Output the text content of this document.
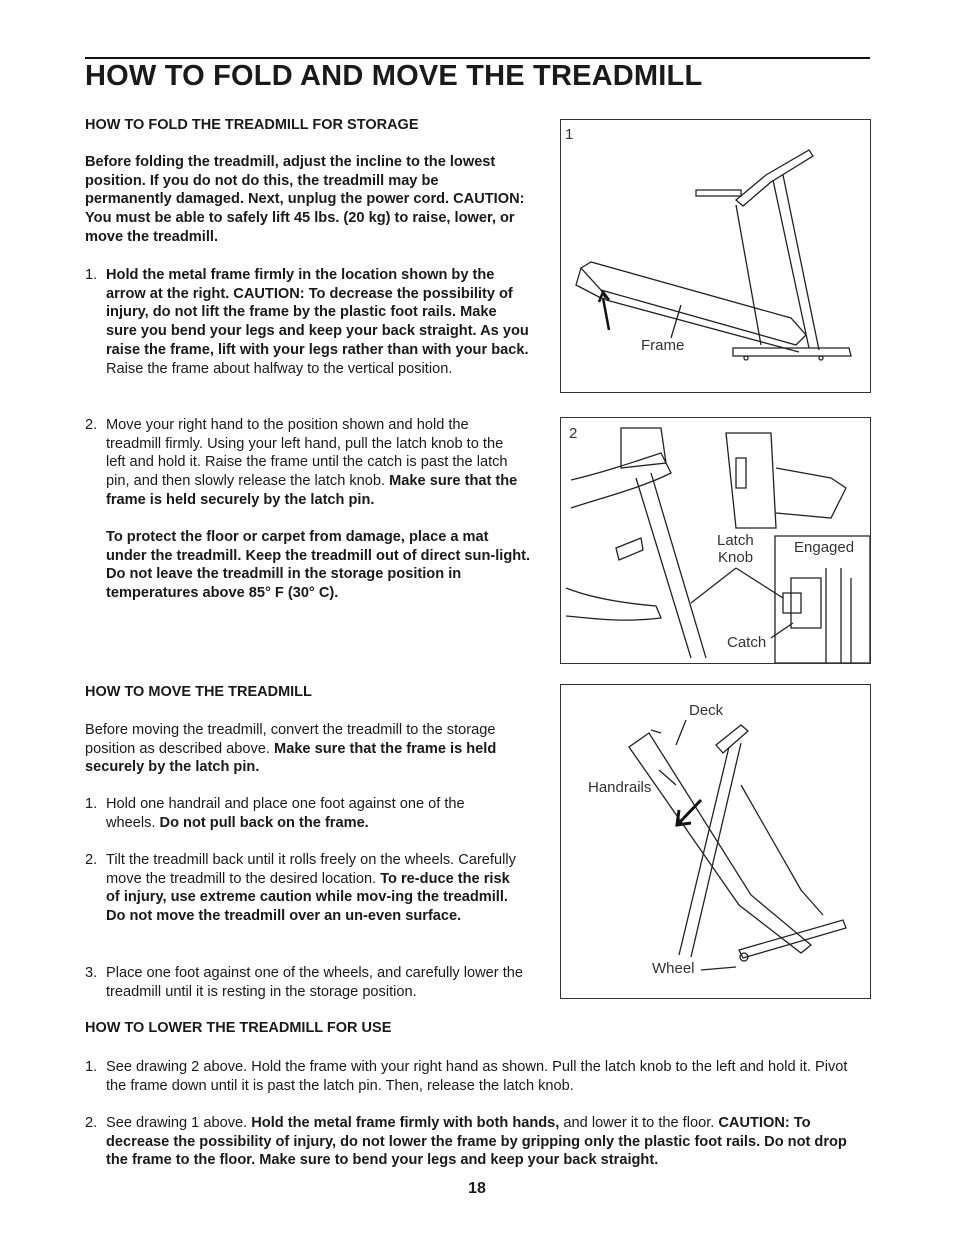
HOW TO FOLD AND MOVE THE TREADMILL
HOW TO FOLD THE TREADMILL FOR STORAGE

Before folding the treadmill, adjust the incline to the lowest position. If you do not do this, the treadmill may be permanently damaged. Next, unplug the power cord. CAUTION: You must be able to safely lift 45 lbs. (20 kg) to raise, lower, or move the treadmill.

1. Hold the metal frame firmly in the location shown by the arrow at the right. CAUTION: To decrease the possibility of injury, do not lift the frame by the plastic foot rails. Make sure you bend your legs and keep your back straight. As you raise the frame, lift with your legs rather than with your back. Raise the frame about halfway to the vertical position.

2. Move your right hand to the position shown and hold the treadmill firmly. Using your left hand, pull the latch knob to the left and hold it. Raise the frame until the catch is past the latch pin, and then slowly release the latch knob. Make sure that the frame is held securely by the latch pin.

To protect the floor or carpet from damage, place a mat under the treadmill. Keep the treadmill out of direct sun-light. Do not leave the treadmill in the storage position in temperatures above 85° F (30° C).

HOW TO MOVE THE TREADMILL

Before moving the treadmill, convert the treadmill to the storage position as described above. Make sure that the frame is held securely by the latch pin.

1. Hold one handrail and place one foot against one of the wheels. Do not pull back on the frame.

2. Tilt the treadmill back until it rolls freely on the wheels. Carefully move the treadmill to the desired location. To re-duce the risk of injury, use extreme caution while mov-ing the treadmill. Do not move the treadmill over an un-even surface.

3. Place one foot against one of the wheels, and carefully lower the treadmill until it is resting in the storage position.

HOW TO LOWER THE TREADMILL FOR USE
1. See drawing 2 above. Hold the frame with your right hand as shown. Pull the latch knob to the left and hold it. Pivot the frame down until it is past the latch pin. Then, release the latch knob.

2. See drawing 1 above. Hold the metal frame firmly with both hands, and lower it to the floor. CAUTION: To decrease the possibility of injury, do not lower the frame by gripping only the plastic foot rails. Do not drop the frame to the floor. Make sure to bend your legs and keep your back straight.

1
Frame
2
Latch
Knob
Engaged
Catch
Deck
Handrails
Wheel
18
